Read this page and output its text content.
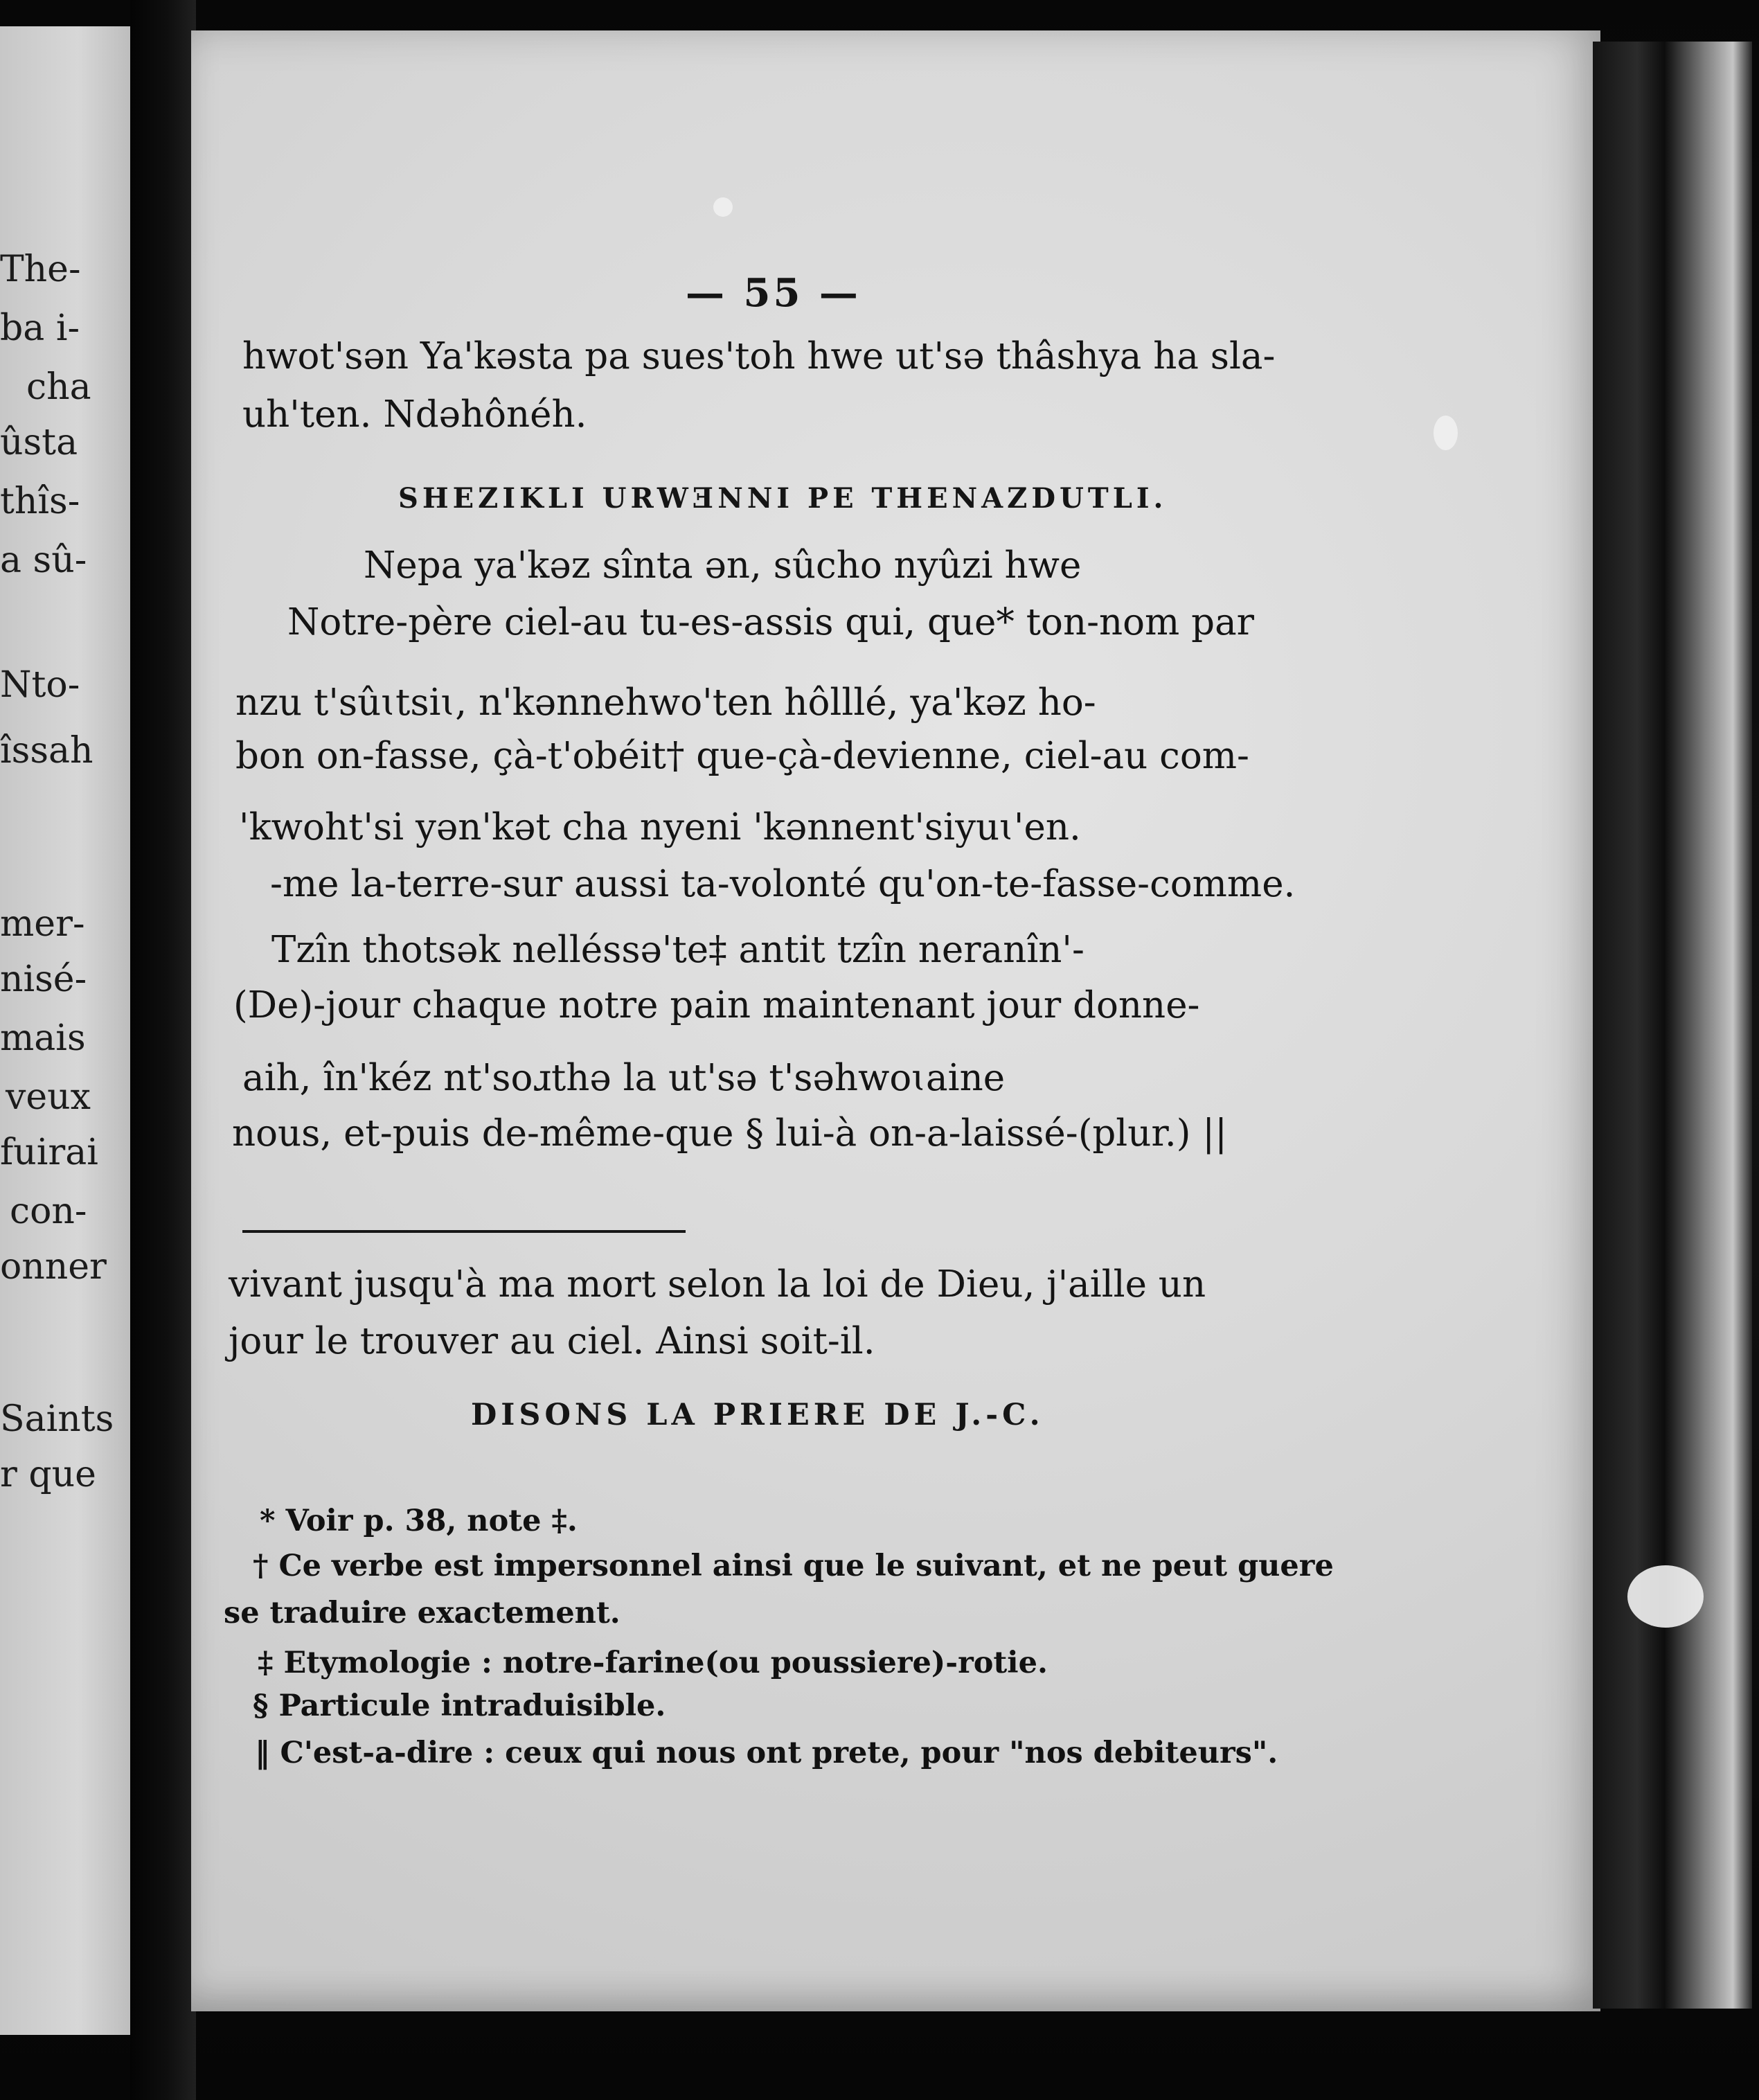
The-
ba i-
cha
ûsta
thîs-
a sû-
Nto-
îssah
mer-
nisé-
mais
veux
fuirai
con-
onner
Saints
r que
— 55 —
hwot'sən Ya'kəsta pa sues'toh hwe ut'sə thâshya ha sla-
uh'ten. Ndəhônéh.
SHEZIKLI URWƎNNI PE THENAZDUTLI.
Nepa ya'kəz sînta ən, sûcho nyûzi hwe
Notre-père ciel-au tu-es-assis qui, que* ton-nom par
nzu t'sûɩtsiɩ, n'kənnehwo'ten hôlllé, ya'kəz ho-
bon on-fasse, çà-t'obéit† que-çà-devienne, ciel-au com-
'kwoht'si yən'kət cha nyeni 'kənnent'siyuɩ'en.
-me la-terre-sur aussi ta-volonté qu'on-te-fasse-comme.
Tzîn thotsək nelléssə'te‡ antit tzîn neranîn'-
(De)-jour chaque notre pain maintenant jour donne-
aih, în'kéz nt'soɹthə la ut'sə t'səhwoɩaine
nous, et-puis de-même-que § lui-à on-a-laissé-(plur.) ||
vivant jusqu'à ma mort selon la loi de Dieu, j'aille un
jour le trouver au ciel. Ainsi soit-il.
DISONS LA PRIERE DE J.-C.
* Voir p. 38, note ‡.
† Ce verbe est impersonnel ainsi que le suivant, et ne peut guere
se traduire exactement.
‡ Etymologie : notre-farine(ou poussiere)-rotie.
§ Particule intraduisible.
‖ C'est-a-dire : ceux qui nous ont prete, pour "nos debiteurs".
